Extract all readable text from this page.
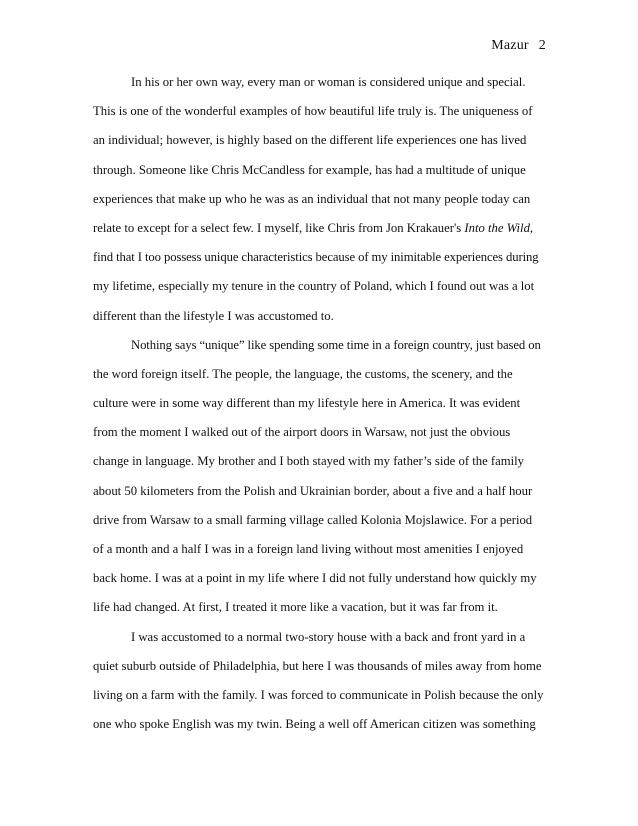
Mazur 2
In his or her own way, every man or woman is considered unique and special.
This is one of the wonderful examples of how beautiful life truly is. The uniqueness of
an individual; however, is highly based on the different life experiences one has lived
through. Someone like Chris McCandless for example, has had a multitude of unique
experiences that make up who he was as an individual that not many people today can
relate to except for a select few. I myself, like Chris from Jon Krakauer's Into the Wild,
find that I too possess unique characteristics because of my inimitable experiences during
my lifetime, especially my tenure in the country of Poland, which I found out was a lot
different than the lifestyle I was accustomed to.
Nothing says “unique” like spending some time in a foreign country, just based on
the word foreign itself. The people, the language, the customs, the scenery, and the
culture were in some way different than my lifestyle here in America. It was evident
from the moment I walked out of the airport doors in Warsaw, not just the obvious
change in language. My brother and I both stayed with my father’s side of the family
about 50 kilometers from the Polish and Ukrainian border, about a five and a half hour
drive from Warsaw to a small farming village called Kolonia Mojslawice. For a period
of a month and a half I was in a foreign land living without most amenities I enjoyed
back home. I was at a point in my life where I did not fully understand how quickly my
life had changed. At first, I treated it more like a vacation, but it was far from it.
I was accustomed to a normal two-story house with a back and front yard in a
quiet suburb outside of Philadelphia, but here I was thousands of miles away from home
living on a farm with the family. I was forced to communicate in Polish because the only
one who spoke English was my twin. Being a well off American citizen was something
